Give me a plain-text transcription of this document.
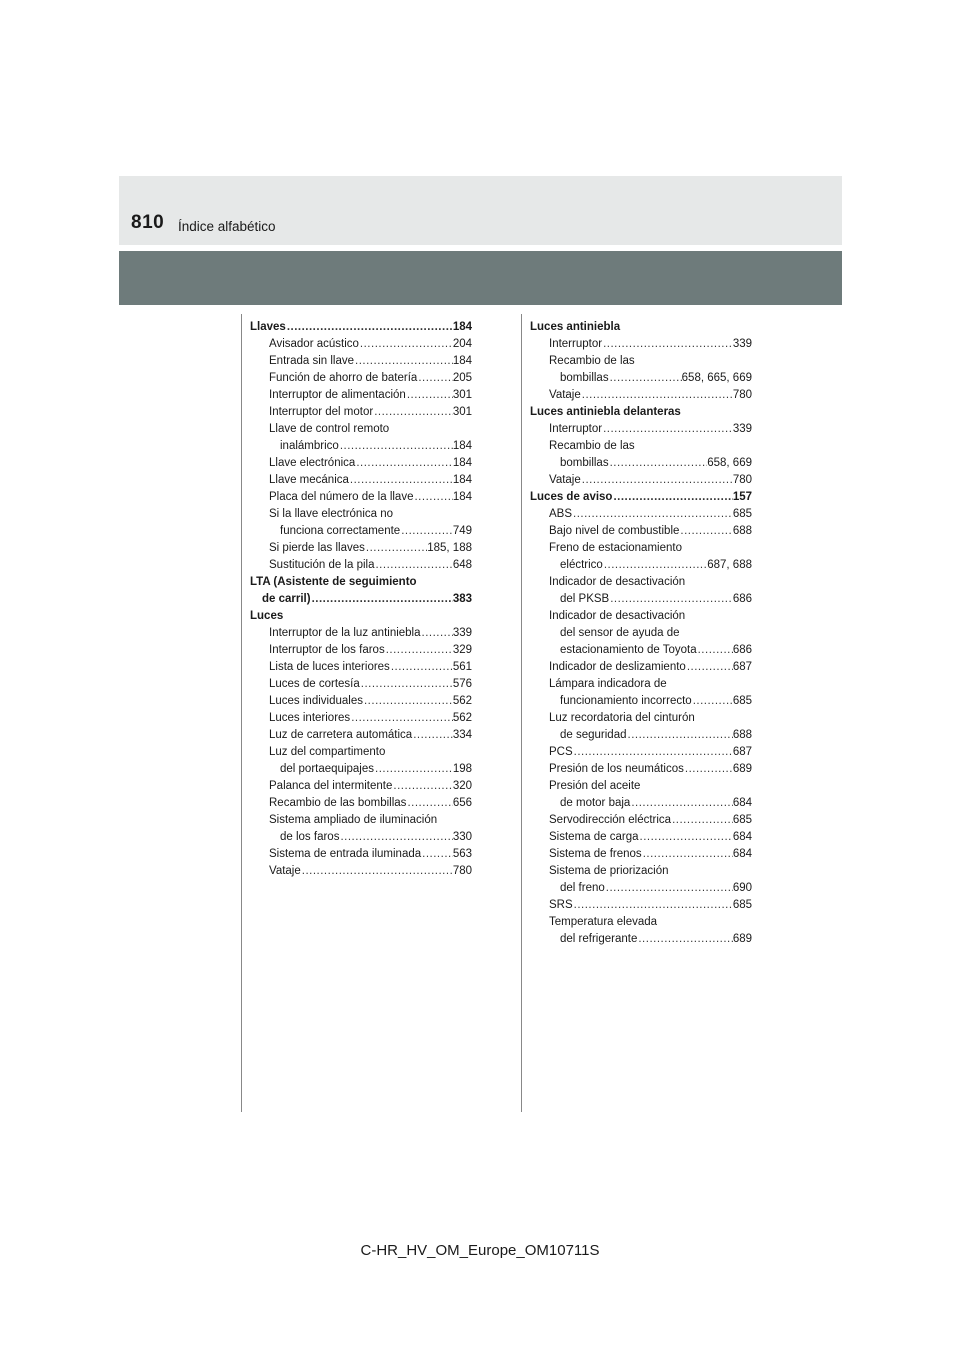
810 Índice alfabético
Llaves .....	184
Avisador acústico .....	204
Entrada sin llave .....	184
Función de ahorro de batería .....	205
Interruptor de alimentación .....	301
Interruptor del motor .....	301
Llave de control remoto
inalámbrico .....	184
Llave electrónica .....	184
Llave mecánica .....	184
Placa del número de la llave .....	184
Si la llave electrónica no
funciona correctamente .....	749
Si pierde las llaves .....	185, 188
Sustitución de la pila .....	648
LTA (Asistente de seguimiento
de carril) .....	383
Luces
Interruptor de la luz antiniebla .....	339
Interruptor de los faros .....	329
Lista de luces interiores .....	561
Luces de cortesía .....	576
Luces individuales .....	562
Luces interiores .....	562
Luz de carretera automática .....	334
Luz del compartimento
del portaequipajes .....	198
Palanca del intermitente .....	320
Recambio de las bombillas .....	656
Sistema ampliado de iluminación
de los faros .....	330
Sistema de entrada iluminada .....	563
Vataje .....	780
Luces antiniebla
Interruptor .....	339
Recambio de las
bombillas .....	658, 665, 669
Vataje .....	780
Luces antiniebla delanteras
Interruptor .....	339
Recambio de las
bombillas .....	658, 669
Vataje .....	780
Luces de aviso .....	157
ABS .....	685
Bajo nivel de combustible .....	688
Freno de estacionamiento
eléctrico .....	687, 688
Indicador de desactivación
del PKSB .....	686
Indicador de desactivación
del sensor de ayuda de
estacionamiento de Toyota .....	686
Indicador de deslizamiento .....	687
Lámpara indicadora de
funcionamiento incorrecto .....	685
Luz recordatoria del cinturón
de seguridad .....	688
PCS .....	687
Presión de los neumáticos .....	689
Presión del aceite
de motor baja .....	684
Servodirección eléctrica .....	685
Sistema de carga .....	684
Sistema de frenos .....	684
Sistema de priorización
del freno .....	690
SRS .....	685
Temperatura elevada
del refrigerante .....	689
C-HR_HV_OM_Europe_OM10711S
